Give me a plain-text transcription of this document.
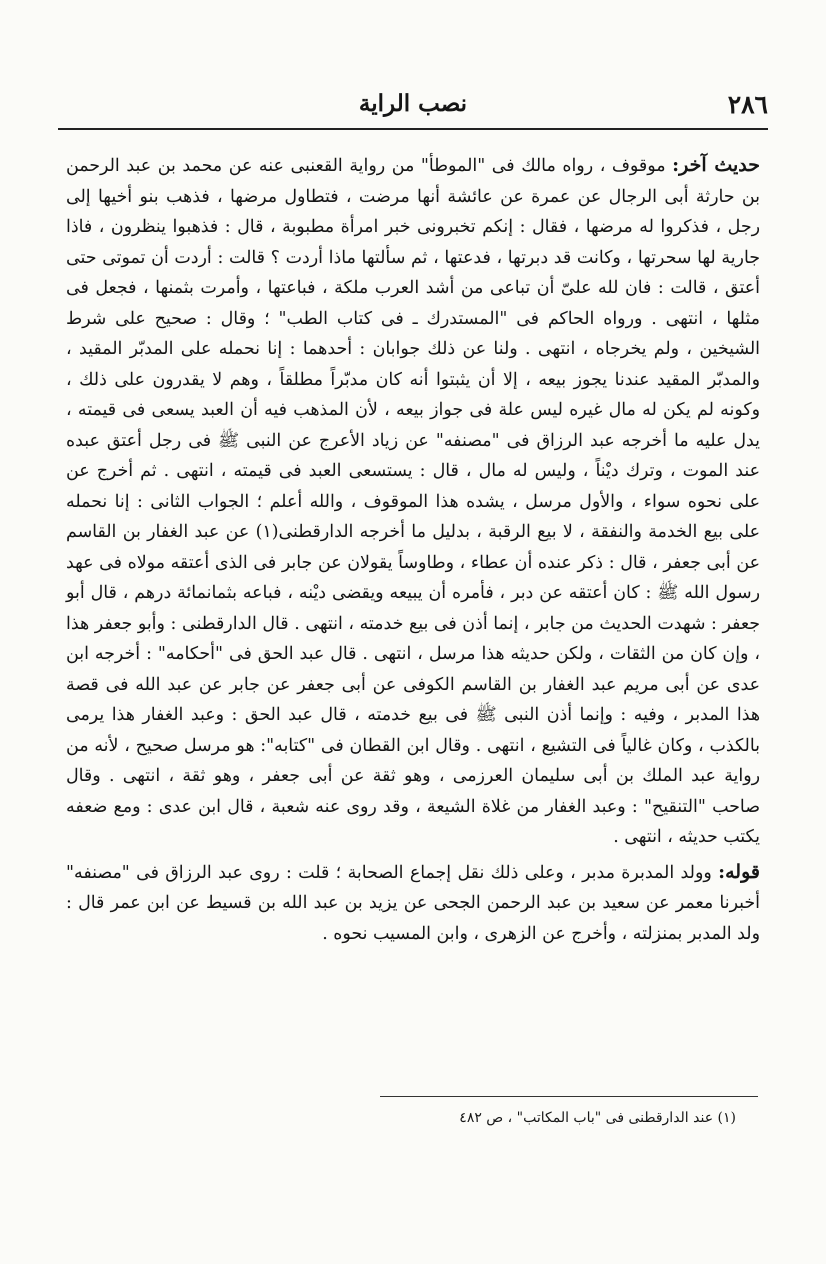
٢٨٦
نصب الراية

حديث آخر: موقوف ، رواه مالك فى "الموطأ" من رواية القعنبى عنه عن محمد بن عبد الرحمن بن حارثة أبى الرجال عن عمرة عن عائشة أنها مرضت ، فتطاول مرضها ، فذهب بنو أخيها إلى رجل ، فذكروا له مرضها ، فقال : إنكم تخبرونى خبر امرأة مطبوبة ، قال : فذهبوا ينظرون ، فاذا جارية لها سحرتها ، وكانت قد دبرتها ، فدعتها ، ثم سألتها ماذا أردت ؟ قالت : أردت أن تموتى حتى أعتق ، قالت : فان لله علىّ أن تباعى من أشد العرب ملكة ، فباعتها ، وأمرت بثمنها ، فجعل فى مثلها ، انتهى . ورواه الحاكم فى "المستدرك ـ فى كتاب الطب" ؛ وقال : صحيح على شرط الشيخين ، ولم يخرجاه ، انتهى . ولنا عن ذلك جوابان : أحدهما : إنا نحمله على المدبّر المقيد ، والمدبّر المقيد عندنا يجوز بيعه ، إلا أن يثبتوا أنه كان مدبّراً مطلقاً ، وهم لا يقدرون على ذلك ، وكونه لم يكن له مال غيره ليس علة فى جواز بيعه ، لأن المذهب فيه أن العبد يسعى فى قيمته ، يدل عليه ما أخرجه عبد الرزاق فى "مصنفه" عن زياد الأعرج عن النبى ﷺ فى رجل أعتق عبده عند الموت ، وترك ديْناً ، وليس له مال ، قال : يستسعى العبد فى قيمته ، انتهى . ثم أخرج عن على نحوه سواء ، والأول مرسل ، يشده هذا الموقوف ، والله أعلم ؛ الجواب الثانى : إنا نحمله على بيع الخدمة والنفقة ، لا بيع الرقبة ، بدليل ما أخرجه الدارقطنى(١) عن عبد الغفار بن القاسم عن أبى جعفر ، قال : ذكر عنده أن عطاء ، وطاوساً يقولان عن جابر فى الذى أعتقه مولاه فى عهد رسول الله ﷺ : كان أعتقه عن دبر ، فأمره أن يبيعه ويقضى ديْنه ، فباعه بثمانمائة درهم ، قال أبو جعفر : شهدت الحديث من جابر ، إنما أذن فى بيع خدمته ، انتهى . قال الدارقطنى : وأبو جعفر هذا ، وإن كان من الثقات ، ولكن حديثه هذا مرسل ، انتهى . قال عبد الحق فى "أحكامه" : أخرجه ابن عدى عن أبى مريم عبد الغفار بن القاسم الكوفى عن أبى جعفر عن جابر عن عبد الله فى قصة هذا المدبر ، وفيه : وإنما أذن النبى ﷺ فى بيع خدمته ، قال عبد الحق : وعبد الغفار هذا يرمى بالكذب ، وكان غالياً فى التشيع ، انتهى . وقال ابن القطان فى "كتابه": هو مرسل صحيح ، لأنه من رواية عبد الملك بن أبى سليمان العرزمى ، وهو ثقة عن أبى جعفر ، وهو ثقة ، انتهى . وقال صاحب "التنقيح" : وعبد الغفار من غلاة الشيعة ، وقد روى عنه شعبة ، قال ابن عدى : ومع ضعفه يكتب حديثه ، انتهى .

قوله: وولد المدبرة مدبر ، وعلى ذلك نقل إجماع الصحابة ؛ قلت : روى عبد الرزاق فى "مصنفه" أخبرنا معمر عن سعيد بن عبد الرحمن الجحى عن يزيد بن عبد الله بن قسيط عن ابن عمر قال : ولد المدبر بمنزلته ، وأخرج عن الزهرى ، وابن المسيب نحوه .

(١) عند الدارقطنى فى "باب المكاتب" ، ص ٤٨٢
